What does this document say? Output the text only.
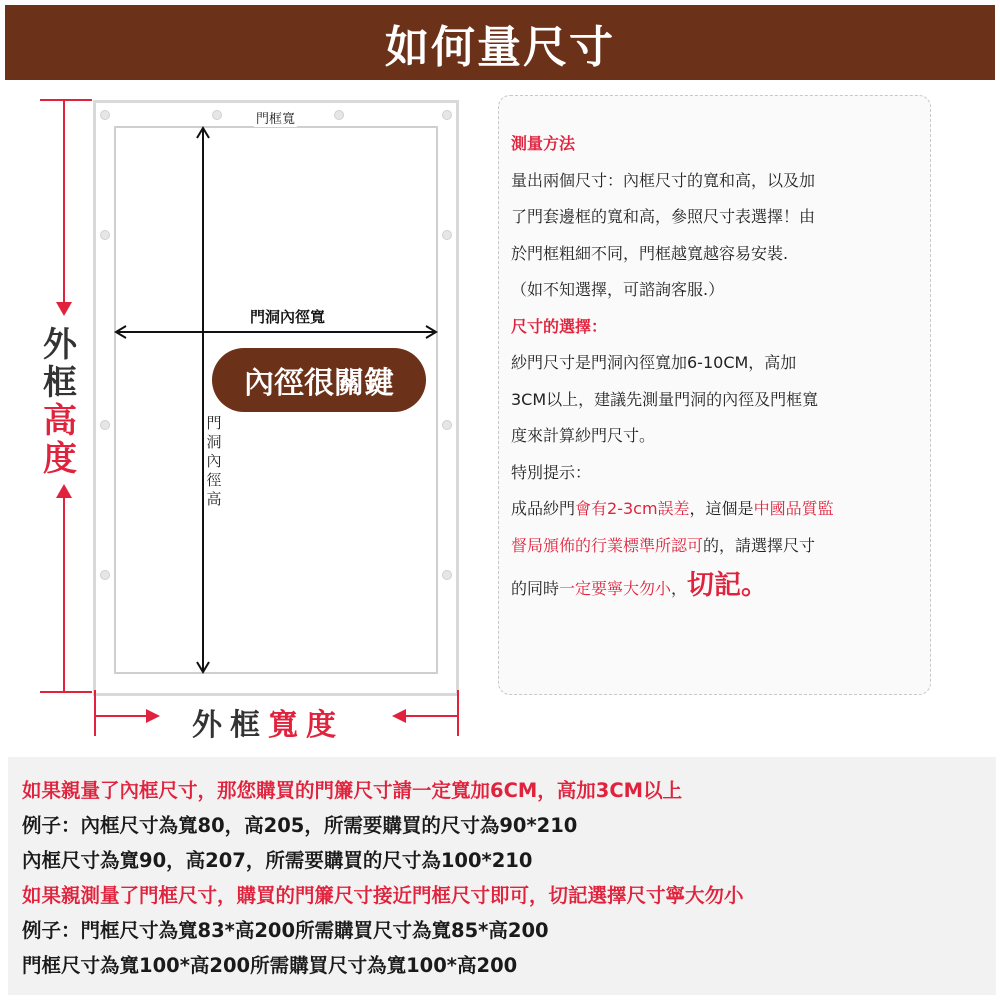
如何量尺寸
門框寬
門洞內徑寬
內徑很關鍵
門
洞
內
徑
高
外
框
高
度
外框寬度
測量方法
量出兩個尺寸：內框尺寸的寬和高，以及加
了門套邊框的寬和高，參照尺寸表選擇！由
於門框粗細不同，門框越寬越容易安裝.
（如不知選擇，可諮詢客服.）
尺寸的選擇：
紗門尺寸是門洞內徑寬加6-10CM，高加
3CM以上，建議先測量門洞的內徑及門框寬
度來計算紗門尺寸。
特別提示：
成品紗門會有2-3cm誤差，這個是中國品質監
督局頒佈的行業標準所認可的，請選擇尺寸
的同時一定要寧大勿小，切記。
如果親量了內框尺寸，那您購買的門簾尺寸請一定寬加6CM，高加3CM以上
例子：內框尺寸為寬80，高205，所需要購買的尺寸為90*210
內框尺寸為寬90，高207，所需要購買的尺寸為100*210
如果親測量了門框尺寸，購買的門簾尺寸接近門框尺寸即可，切記選擇尺寸寧大勿小
例子：門框尺寸為寬83*高200所需購買尺寸為寬85*高200
門框尺寸為寬100*高200所需購買尺寸為寬100*高200
